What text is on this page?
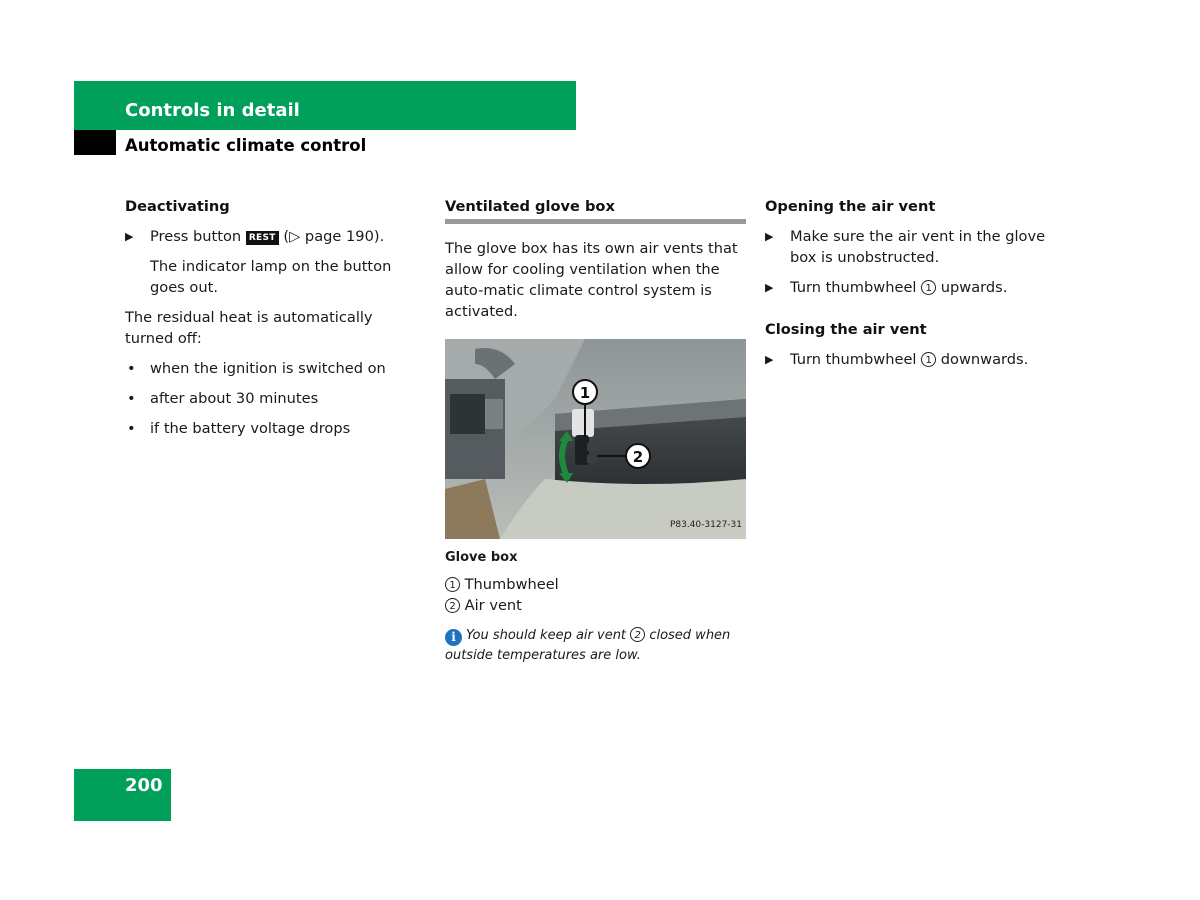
Controls in detail
Automatic climate control
Deactivating
▶ Press button REST (▷ page 190).

The indicator lamp on the button goes out.

The residual heat is automatically turned off:

• when the ignition is switched on
• after about 30 minutes
• if the battery voltage drops
Ventilated glove box

The glove box has its own air vents that allow for cooling ventilation when the auto-matic climate control system is activated.

1
2
P83.40-3127-31
Glove box
1 Thumbwheel
2 Air vent

i You should keep air vent 2 closed when outside temperatures are low.

Opening the air vent
▶ Make sure the air vent in the glove box is unobstructed.
▶ Turn thumbwheel 1 upwards.
Closing the air vent
▶ Turn thumbwheel 1 downwards.
200
